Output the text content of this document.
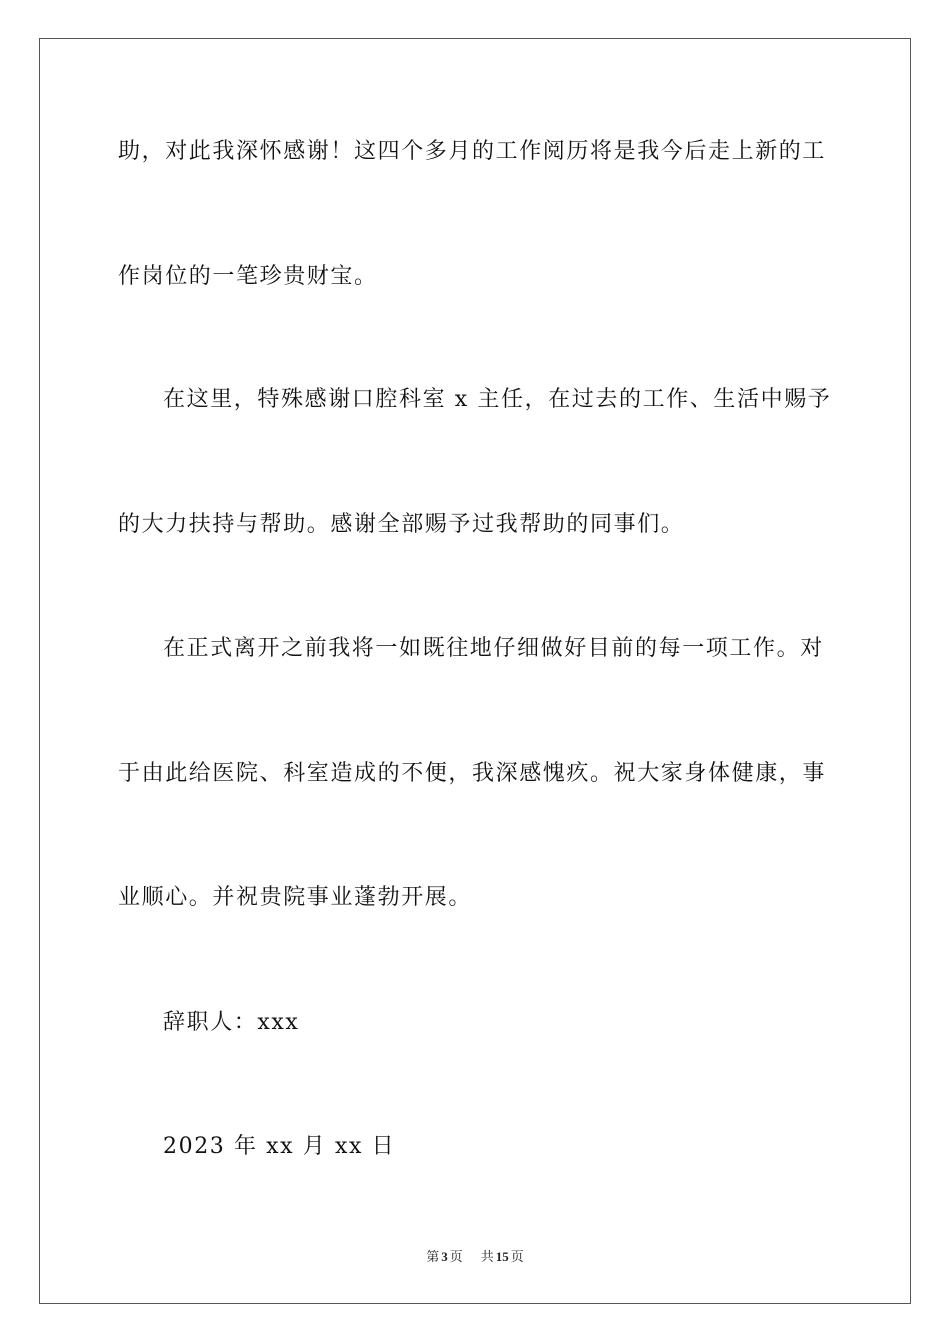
助，对此我深怀感谢！这四个多月的工作阅历将是我今后走上新的工
作岗位的一笔珍贵财宝。
在这里，特殊感谢口腔科室 x 主任，在过去的工作、生活中赐予
的大力扶持与帮助。感谢全部赐予过我帮助的同事们。
在正式离开之前我将一如既往地仔细做好目前的每一项工作。对
于由此给医院、科室造成的不便，我深感愧疚。祝大家身体健康，事
业顺心。并祝贵院事业蓬勃开展。
辞职人：xxx
2023 年 xx 月 xx 日
第 3 页 共 15 页
